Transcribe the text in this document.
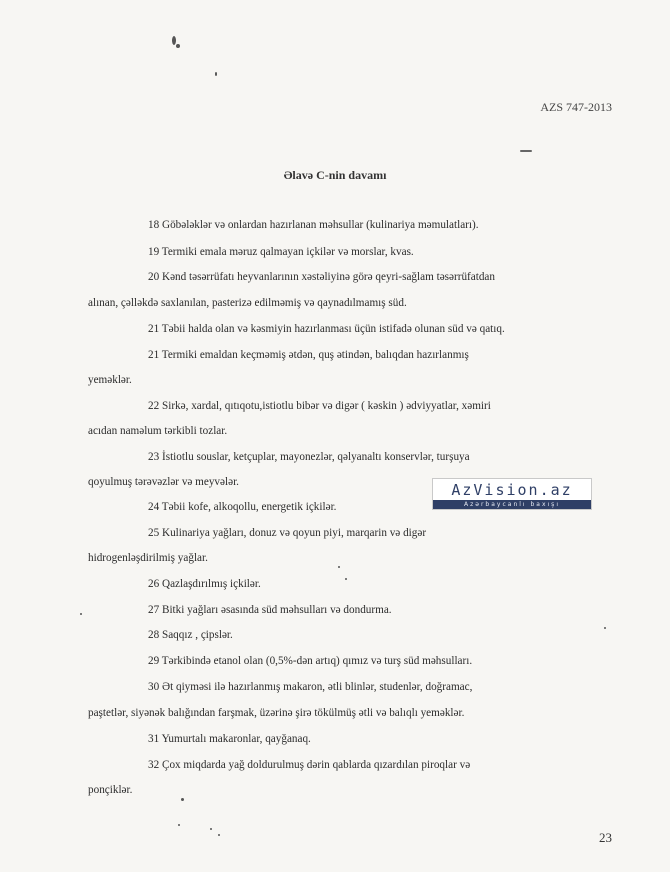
AZS 747-2013
Əlavə C-nin davamı
18 Göbələklər və onlardan hazırlanan məhsullar (kulinariya məmulatları).
19 Termiki emala məruz qalmayan içkilər və morslar, kvas.
20 Kənd təsərrüfatı heyvanlarının xəstəliyinə görə qeyri-sağlam təsərrüfatdan
alınan, çəlləkdə saxlanılan, pasterizə edilməmiş və qaynadılmamış süd.
21 Təbii halda olan və kəsmiyin hazırlanması üçün istifadə olunan süd və qatıq.
21 Termiki emaldan keçməmiş ətdən, quş ətindən, balıqdan hazırlanmış
yeməklər.
22 Sirkə, xardal, qıtıqotu,istiotlu bibər və digər ( kəskin ) ədviyyatlar, xəmiri
acıdan naməlum tərkibli tozlar.
23 İstiotlu souslar, ketçuplar, mayonezlər, qəlyanaltı konservlər, turşuya
qoyulmuş tərəvəzlər və meyvələr.
24 Təbii kofe, alkoqollu, energetik içkilər.
25 Kulinariya yağları, donuz və qoyun piyi, marqarin və digər
hidrogenləşdirilmiş yağlar.
26 Qazlaşdırılmış içkilər.
27 Bitki yağları əsasında süd məhsulları və dondurma.
28 Saqqız , çipslər.
29 Tərkibində etanol olan (0,5%-dən artıq) qımız və turş süd məhsulları.
30 Ət qiyməsi ilə hazırlanmış makaron, ətli blinlər, studenlər, doğramac,
paştetlər, siyənək balığından farşmak, üzərinə şirə tökülmüş ətli və balıqlı yeməklər.
31 Yumurtalı makaronlar, qayğanaq.
32 Çox miqdarda yağ doldurulmuş dərin qablarda qızardılan piroqlar və
ponçiklər.
23
AzVision.az
Azərbaycanlı baxışı
